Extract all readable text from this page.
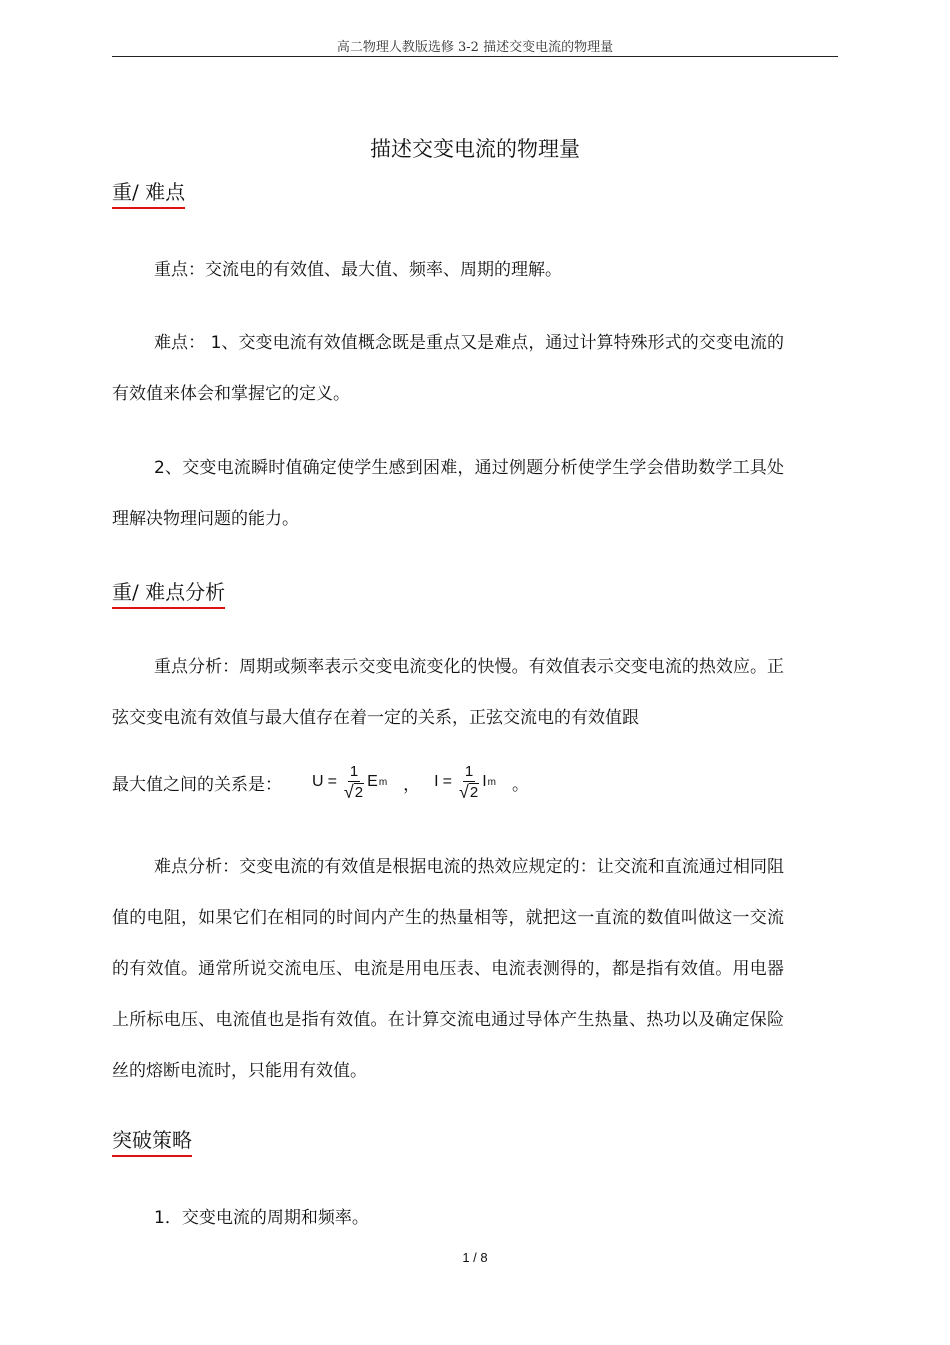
高二物理人教版选修 3-2 描述交变电流的物理量
描述交变电流的物理量
重/ 难点

重点：交流电的有效值、最大值、频率、周期的理解。

难点： 1、交变电流有效值概念既是重点又是难点，通过计算特殊形式的交变电流的有效值来体会和掌握它的定义。

2、交变电流瞬时值确定使学生感到困难，通过例题分析使学生学会借助数学工具处理解决物理问题的能力。

重/ 难点分析

重点分析：周期或频率表示交变电流变化的快慢。有效值表示交变电流的热效应。正弦交变电流有效值与最大值存在着一定的关系，正弦交流电的有效值跟

最大值之间的关系是： $U = \frac{1}{√ 2}$ E m ， $I = \frac{1}{√ 2}$ I m 。

难点分析：交变电流的有效值是根据电流的热效应规定的：让交流和直流通过相同阻值的电阻，如果它们在相同的时间内产生的热量相等，就把这一直流的数值叫做这一交流的有效值。通常所说交流电压、电流是用电压表、电流表测得的，都是指有效值。用电器上所标电压、电流值也是指有效值。在计算交流电通过导体产生热量、热功以及确定保险丝的熔断电流时，只能用有效值。

突破策略

1．交变电流的周期和频率。

1 / 8
